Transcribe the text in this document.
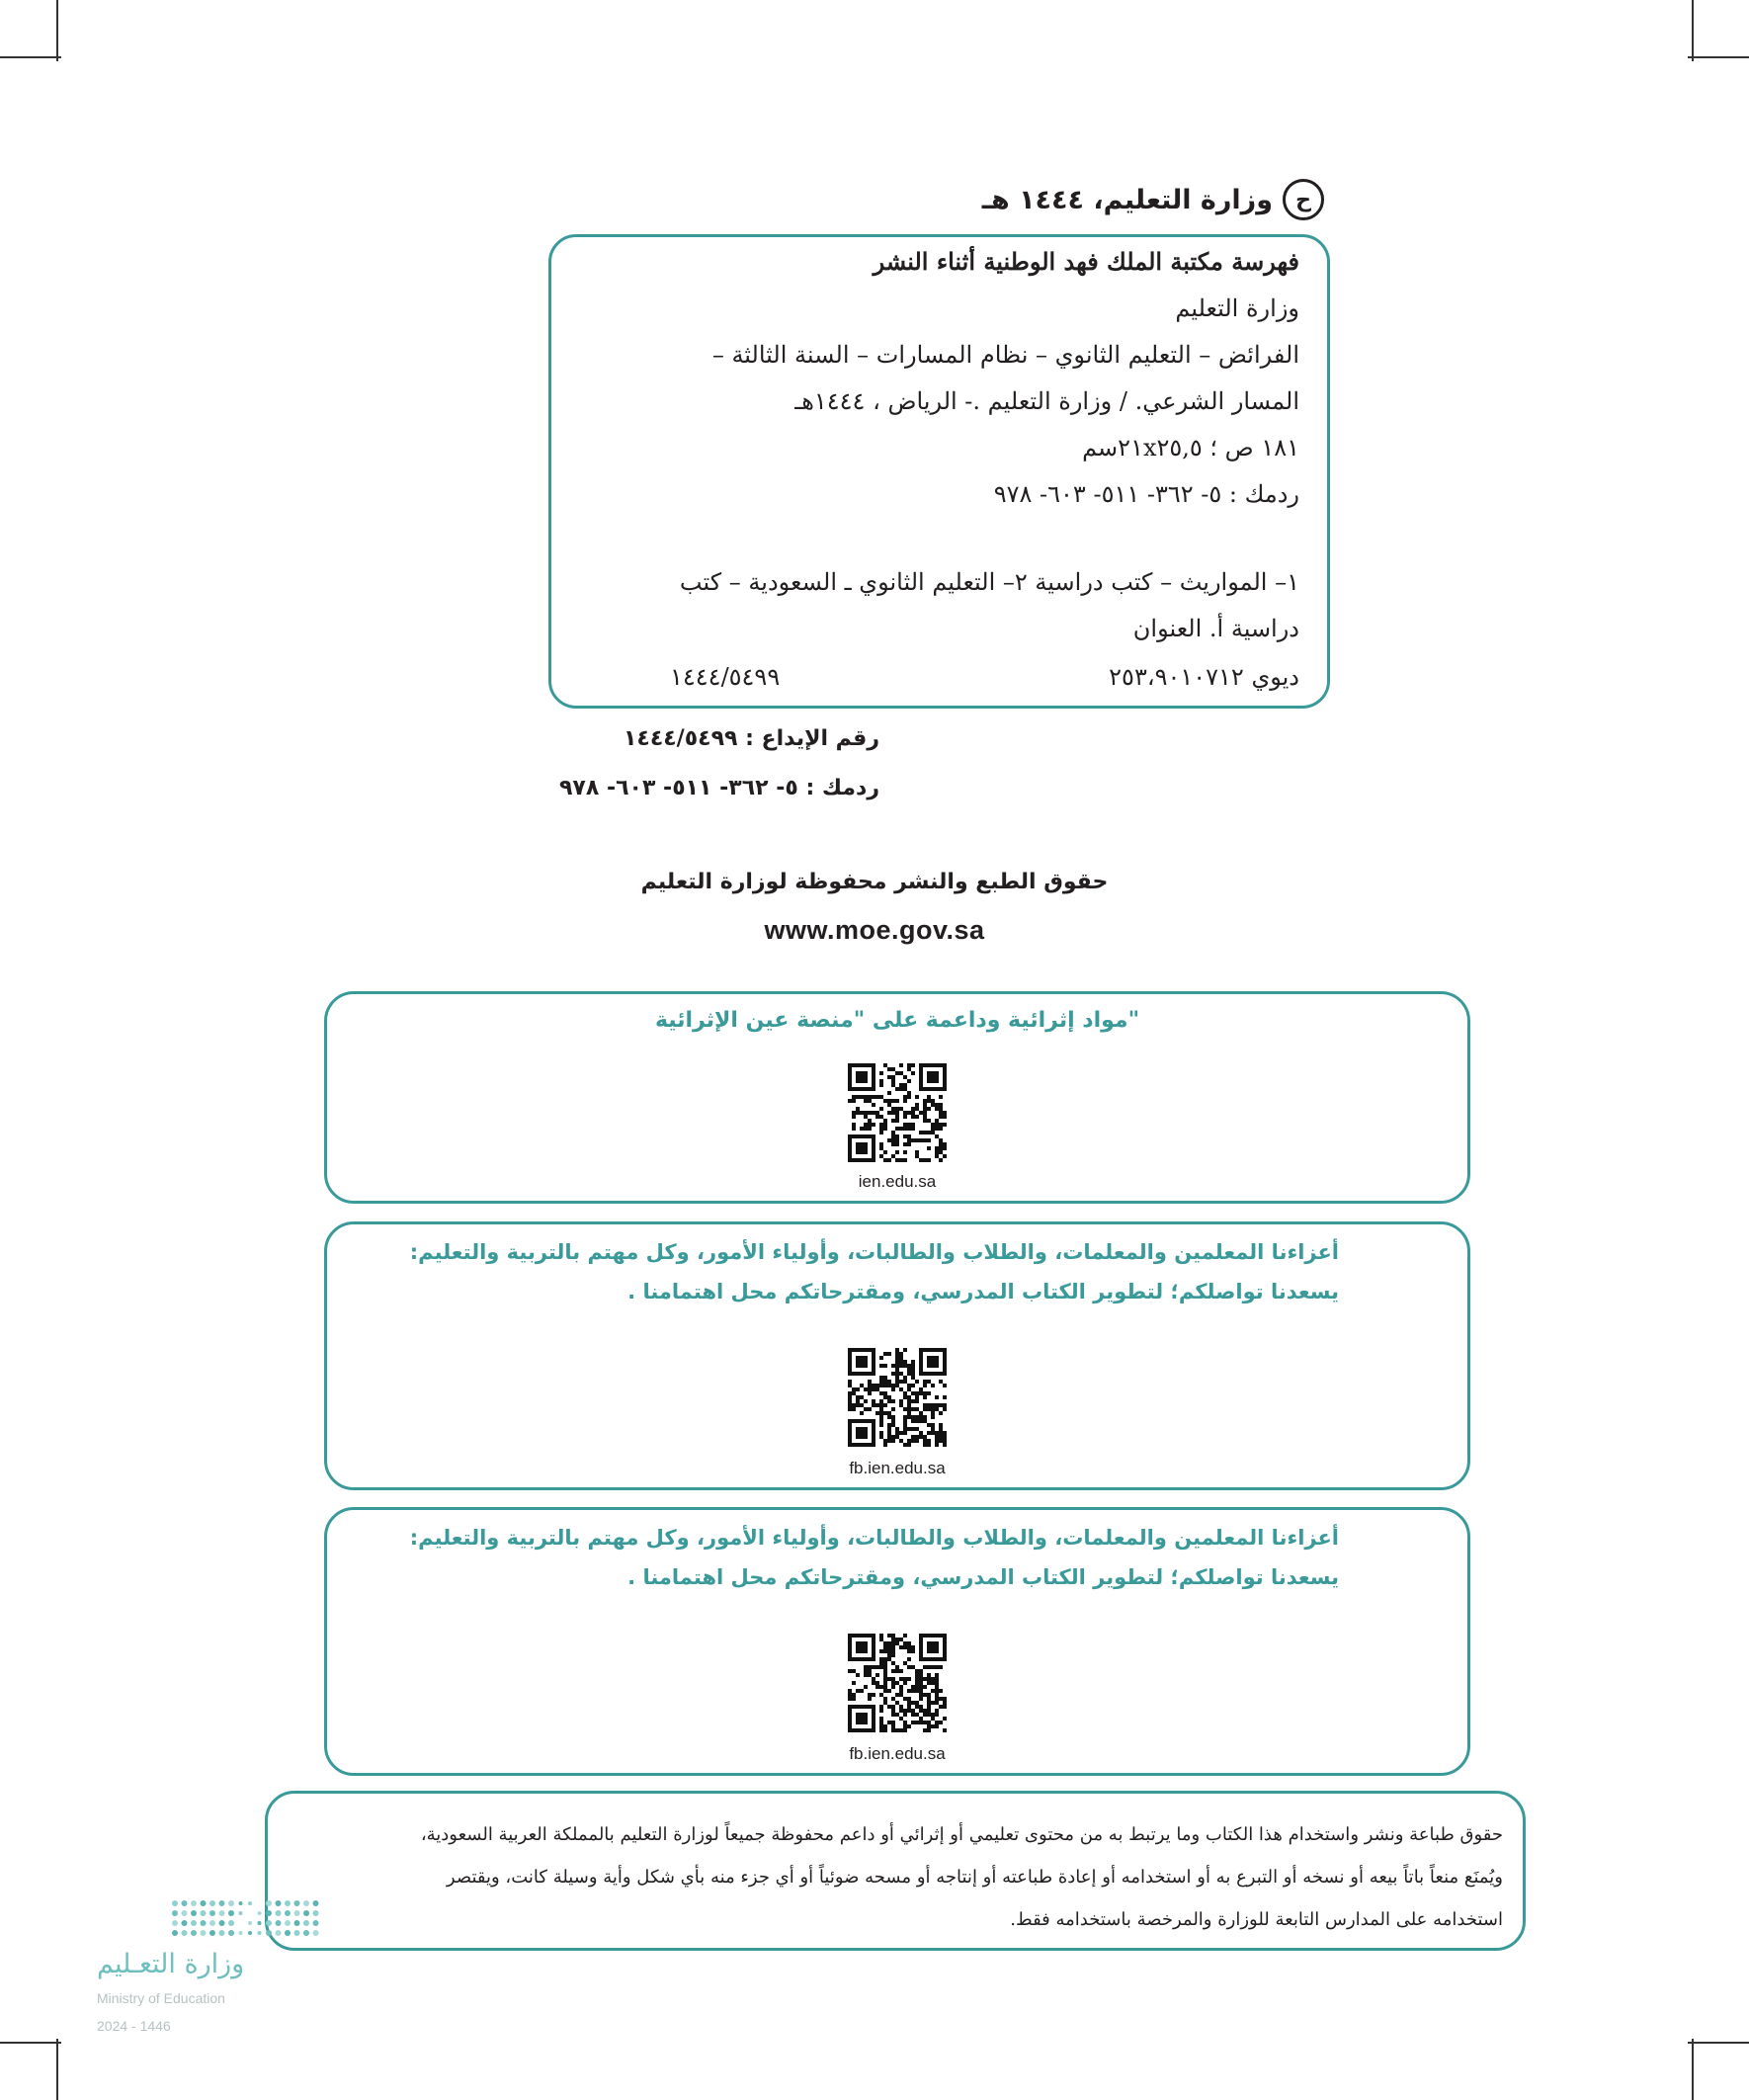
ح
وزارة التعليم، ١٤٤٤ هـ
فهرسة مكتبة الملك فهد الوطنية أثناء النشر
وزارة التعليم
الفرائض – التعليم الثانوي – نظام المسارات – السنة الثالثة –
المسار الشرعي. / وزارة التعليم .- الرياض ، ١٤٤٤هـ
١٨١ ص ؛ ٢١x٢٥,٥سم
ردمك : ٥- ٣٦٢- ٥١١- ٦٠٣- ٩٧٨
١– المواريث – كتب دراسية ٢– التعليم الثانوي ـ السعودية – كتب
دراسية أ. العنوان
ديوي ٢٥٣،٩٠١٠٧١٢
١٤٤٤/٥٤٩٩
رقم الإيداع : ١٤٤٤/٥٤٩٩
ردمك : ٥- ٣٦٢- ٥١١- ٦٠٣- ٩٧٨
حقوق الطبع والنشر محفوظة لوزارة التعليم
www.moe.gov.sa
مواد إثرائية وداعمة على "منصة عين الإثرائية"
ien.edu.sa
أعزاءنا المعلمين والمعلمات، والطلاب والطالبات، وأولياء الأمور، وكل مهتم بالتربية والتعليم:
يسعدنا تواصلكم؛ لتطوير الكتاب المدرسي، ومقترحاتكم محل اهتمامنا .
fb.ien.edu.sa
أعزاءنا المعلمين والمعلمات، والطلاب والطالبات، وأولياء الأمور، وكل مهتم بالتربية والتعليم:
يسعدنا تواصلكم؛ لتطوير الكتاب المدرسي، ومقترحاتكم محل اهتمامنا .
fb.ien.edu.sa
حقوق طباعة ونشر واستخدام هذا الكتاب وما يرتبط به من محتوى تعليمي أو إثرائي أو داعم محفوظة جميعاً لوزارة التعليم بالمملكة العربية السعودية،
ويُمنَع منعاً باتاً بيعه أو نسخه أو التبرع به أو استخدامه أو إعادة طباعته أو إنتاجه أو مسحه ضوئياً أو أي جزء منه بأي شكل وأية وسيلة كانت، ويقتصر
استخدامه على المدارس التابعة للوزارة والمرخصة باستخدامه فقط.
وزارة التعـليم
Ministry of Education
2024 - 1446
